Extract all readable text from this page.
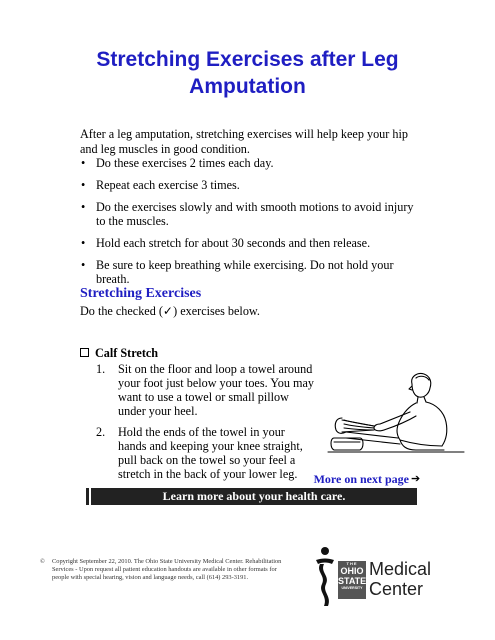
Stretching Exercises after Leg Amputation

After a leg amputation, stretching exercises will help keep your hip and leg muscles in good condition.

• Do these exercises 2 times each day.
• Repeat each exercise 3 times.
• Do the exercises slowly and with smooth motions to avoid injury to the muscles.
• Hold each stretch for about 30 seconds and then release.
• Be sure to keep breathing while exercising. Do not hold your breath.
Stretching Exercises

Do the checked (✓) exercises below.

Calf Stretch
1. Sit on the floor and loop a towel around your foot just below your toes. You may want to use a towel or small pillow under your heel.
2. Hold the ends of the towel in your hands and keeping your knee straight, pull back on the towel so your feel a stretch in the back of your lower leg.	More on next page ➔
Learn more about your health care.

© Copyright September 22, 2010. The Ohio State University Medical Center. Rehabilitation Services - Upon request all patient education handouts are available in other formats for people with special hearing, vision and language needs, call (614) 293-3191.

THE
OHIO
STATE
UNIVERSITY
Medical
Center
